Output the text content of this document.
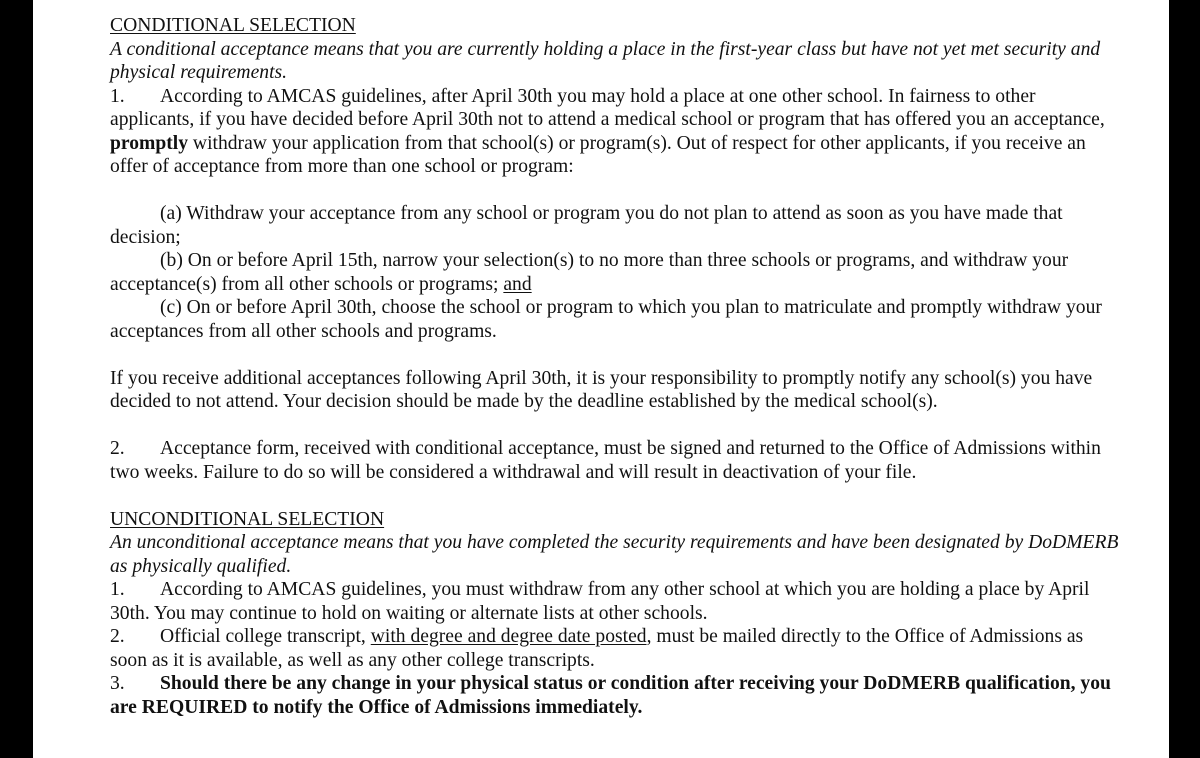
CONDITIONAL SELECTION

A conditional acceptance means that you are currently holding a place in the first-year class but have not yet met security and physical requirements.

1. According to AMCAS guidelines, after April 30th you may hold a place at one other school. In fairness to other applicants, if you have decided before April 30th not to attend a medical school or program that has offered you an acceptance, promptly withdraw your application from that school(s) or program(s). Out of respect for other applicants, if you receive an offer of acceptance from more than one school or program:

(a) Withdraw your acceptance from any school or program you do not plan to attend as soon as you have made that decision;

(b) On or before April 15th, narrow your selection(s) to no more than three schools or programs, and withdraw your acceptance(s) from all other schools or programs; and

(c) On or before April 30th, choose the school or program to which you plan to matriculate and promptly withdraw your acceptances from all other schools and programs.

If you receive additional acceptances following April 30th, it is your responsibility to promptly notify any school(s) you have decided to not attend. Your decision should be made by the deadline established by the medical school(s).

2. Acceptance form, received with conditional acceptance, must be signed and returned to the Office of Admissions within two weeks. Failure to do so will be considered a withdrawal and will result in deactivation of your file.

UNCONDITIONAL SELECTION

An unconditional acceptance means that you have completed the security requirements and have been designated by DoDMERB as physically qualified.

1. According to AMCAS guidelines, you must withdraw from any other school at which you are holding a place by April 30th. You may continue to hold on waiting or alternate lists at other schools.

2. Official college transcript, with degree and degree date posted, must be mailed directly to the Office of Admissions as soon as it is available, as well as any other college transcripts.

3. Should there be any change in your physical status or condition after receiving your DoDMERB qualification, you are REQUIRED to notify the Office of Admissions immediately.
